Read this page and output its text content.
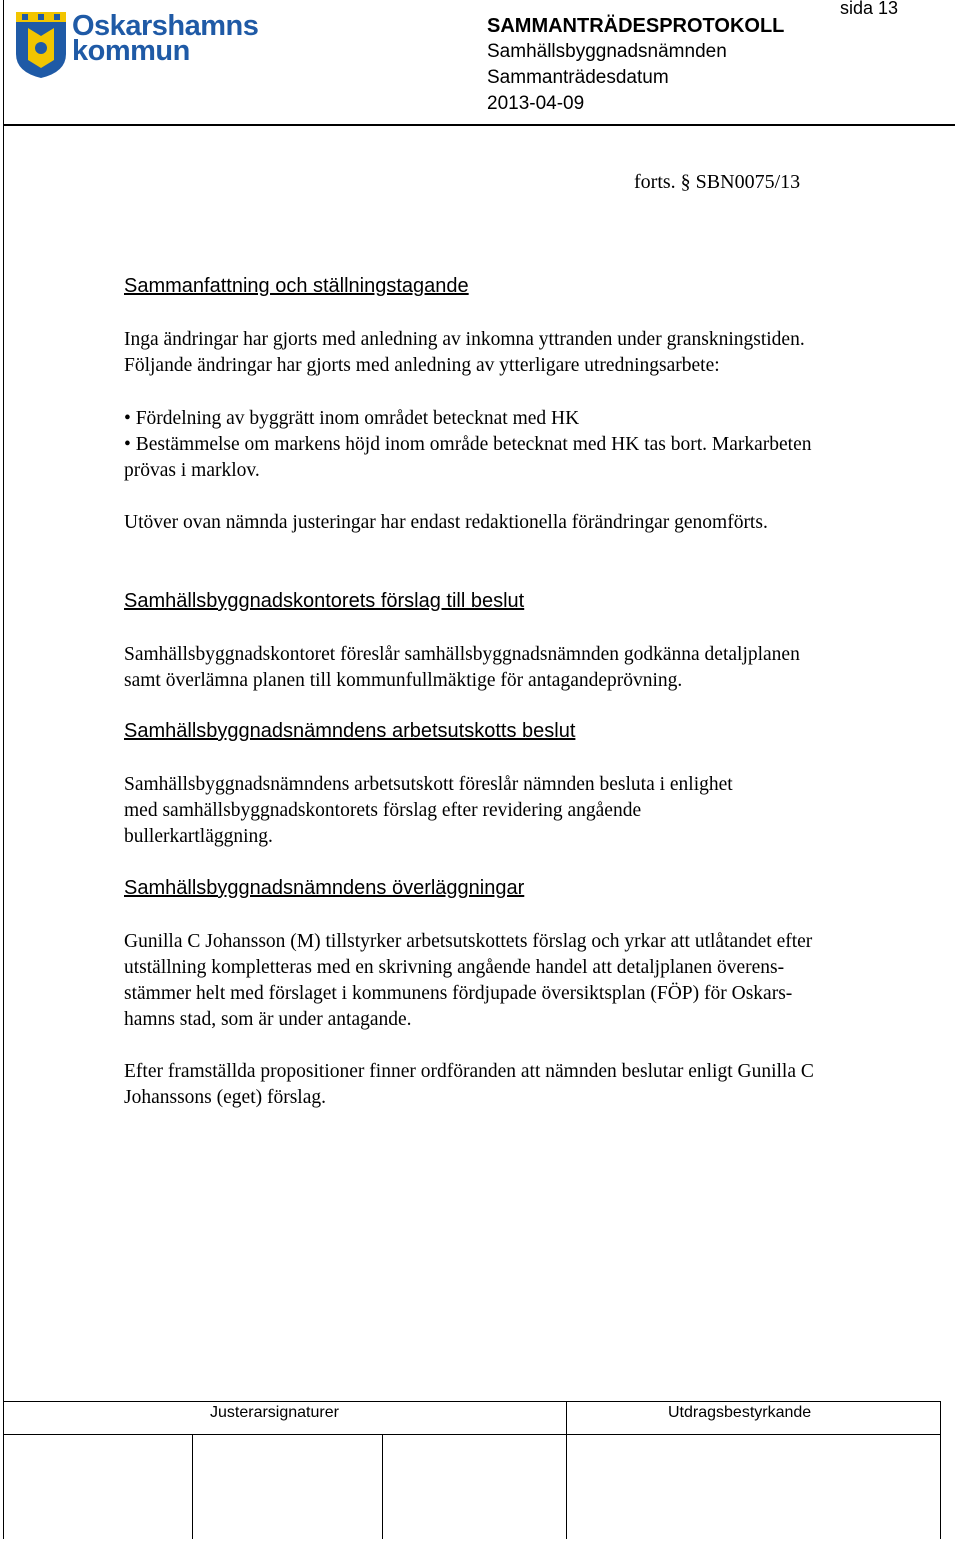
Oskarshamns
kommun
sida 13
SAMMANTRÄDESPROTOKOLL
Samhällsbyggnadsnämnden
Sammanträdesdatum
2013-04-09
forts. § SBN0075/13
Sammanfattning och ställningstagande
Inga ändringar har gjorts med anledning av inkomna yttranden under granskningstiden.
Följande ändringar har gjorts med anledning av ytterligare utredningsarbete:
• Fördelning av byggrätt inom området betecknat med HK
• Bestämmelse om markens höjd inom område betecknat med HK tas bort. Markarbeten
prövas i marklov.
Utöver ovan nämnda justeringar har endast redaktionella förändringar genomförts.
Samhällsbyggnadskontorets förslag till beslut
Samhällsbyggnadskontoret föreslår samhällsbyggnadsnämnden godkänna detaljplanen
samt överlämna planen till kommunfullmäktige för antagandeprövning.
Samhällsbyggnadsnämndens arbetsutskotts beslut
Samhällsbyggnadsnämndens arbetsutskott föreslår nämnden besluta i enlighet
med samhällsbyggnadskontorets förslag efter revidering angående
bullerkartläggning.
Samhällsbyggnadsnämndens överläggningar
Gunilla C Johansson (M) tillstyrker arbetsutskottets förslag och yrkar att utlåtandet efter
utställning kompletteras med en skrivning angående handel att detaljplanen överens-
stämmer helt med förslaget i kommunens fördjupade översiktsplan (FÖP) för Oskars-
hamns stad, som är under antagande.
Efter framställda propositioner finner ordföranden att nämnden beslutar enligt Gunilla C
Johanssons (eget) förslag.
Justerarsignaturer	Utdragsbestyrkande
